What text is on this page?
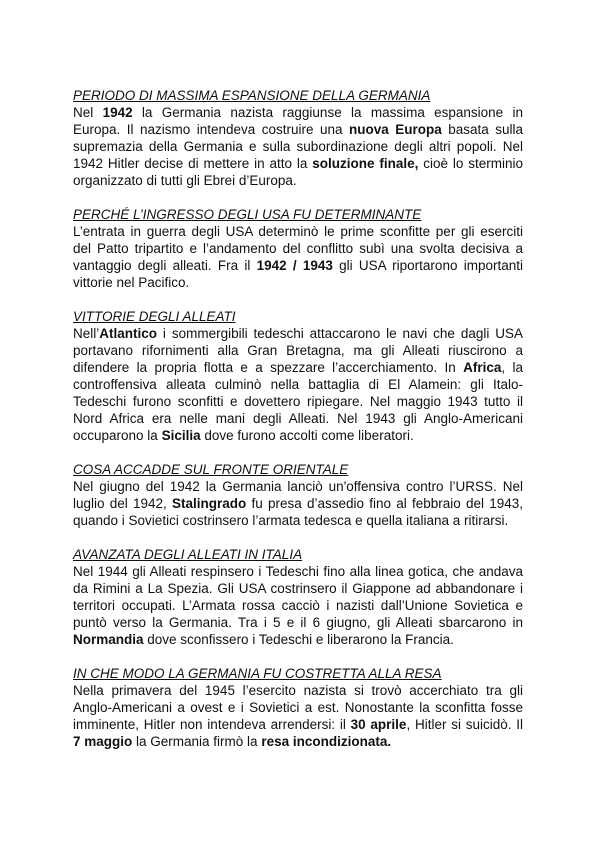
PERIODO DI MASSIMA ESPANSIONE DELLA GERMANIA

Nel 1942 la Germania nazista raggiunse la massima espansione in Europa. Il nazismo intendeva costruire una nuova Europa basata sulla supremazia della Germania e sulla subordinazione degli altri popoli. Nel 1942 Hitler decise di mettere in atto la soluzione finale, cioè lo sterminio organizzato di tutti gli Ebrei d’Europa.

PERCHÉ L’INGRESSO DEGLI USA FU DETERMINANTE

L’entrata in guerra degli USA determinò le prime sconfitte per gli eserciti del Patto tripartito e l’andamento del conflitto subì una svolta decisiva a vantaggio degli alleati. Fra il 1942 / 1943 gli USA riportarono importanti vittorie nel Pacifico.

VITTORIE DEGLI ALLEATI

Nell’Atlantico i sommergibili tedeschi attaccarono le navi che dagli USA portavano rifornimenti alla Gran Bretagna, ma gli Alleati riuscirono a difendere la propria flotta e a spezzare l’accerchiamento. In Africa, la controffensiva alleata culminò nella battaglia di El Alamein: gli Italo-Tedeschi furono sconfitti e dovettero ripiegare. Nel maggio 1943 tutto il Nord Africa era nelle mani degli Alleati. Nel 1943 gli Anglo-Americani occuparono la Sicilia dove furono accolti come liberatori.

COSA ACCADDE SUL FRONTE ORIENTALE

Nel giugno del 1942 la Germania lanciò un'offensiva contro l’URSS. Nel luglio del 1942, Stalingrado fu presa d’assedio fino al febbraio del 1943, quando i Sovietici costrinsero l’armata tedesca e quella italiana a ritirarsi.

AVANZATA DEGLI ALLEATI IN ITALIA

Nel 1944 gli Alleati respinsero i Tedeschi fino alla linea gotica, che andava da Rimini a La Spezia. Gli USA costrinsero il Giappone ad abbandonare i territori occupati. L’Armata rossa cacciò i nazisti dall’Unione Sovietica e puntò verso la Germania. Tra i 5 e il 6 giugno, gli Alleati sbarcarono in Normandia dove sconfissero i Tedeschi e liberarono la Francia.

IN CHE MODO LA GERMANIA FU COSTRETTA ALLA RESA

Nella primavera del 1945 l’esercito nazista si trovò accerchiato tra gli Anglo-Americani a ovest e i Sovietici a est. Nonostante la sconfitta fosse imminente, Hitler non intendeva arrendersi: il 30 aprile, Hitler si suicidò. Il 7 maggio la Germania firmò la resa incondizionata.
